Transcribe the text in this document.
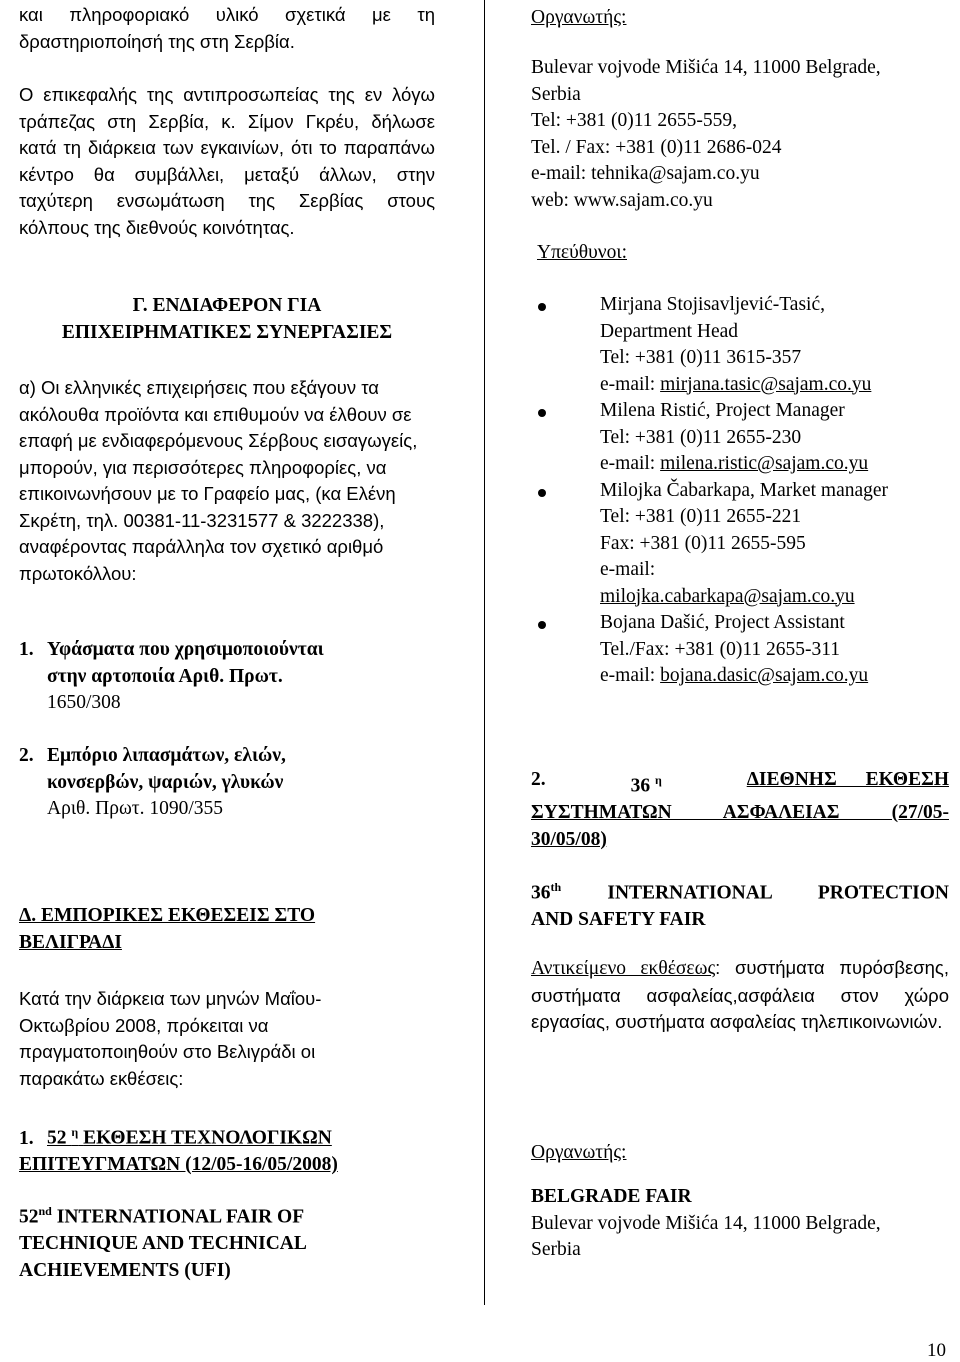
και πληροφοριακό υλικό σχετικά με τη

δραστηριοποίησή της στη Σερβία.

Ο επικεφαλής της αντιπροσωπείας της εν λόγω τράπεζας στη Σερβία, κ. Σίμον Γκρέυ, δήλωσε κατά τη διάρκεια των εγκαινίων, ότι το παραπάνω κέντρο θα συμβάλλει, μεταξύ άλλων, στην ταχύτερη ενσωμάτωση της Σερβίας στους κόλπους της διεθνούς κοινότητας.

Γ. ΕΝΔΙΑΦΕΡΟΝ ΓΙΑ

ΕΠΙΧΕΙΡΗΜΑΤΙΚΕΣ ΣΥΝΕΡΓΑΣΙΕΣ

α) Οι ελληνικές επιχειρήσεις που εξάγουν τα ακόλουθα προϊόντα και επιθυμούν να έλθουν σε επαφή με ενδιαφερόμενους Σέρβους εισαγωγείς, μπορούν, για περισσότερες πληροφορίες, να επικοινωνήσουν με το Γραφείο μας, (κα Ελένη Σκρέτη, τηλ. 00381-11-3231577 & 3222338), αναφέροντας παράλληλα τον σχετικό αριθμό πρωτοκόλλου:

1. Υφάσματα που χρησιμοποιούνται

στην αρτοποιία Αριθ. Πρωτ.

1650/308

2. Εμπόριο λιπασμάτων, ελιών,

κονσερβών, ψαριών, γλυκών

Αριθ. Πρωτ. 1090/355

Δ. ΕΜΠΟΡΙΚΕΣ ΕΚΘΕΣΕΙΣ ΣΤΟ

ΒΕΛΙΓΡΑΔΙ

Κατά την διάρκεια των μηνών Μαΐου-Οκτωβρίου 2008, πρόκειται να πραγματοποιηθούν στο Βελιγράδι οι παρακάτω εκθέσεις:

1. 52 $^\eta$ ΕΚΘΕΣΗ ΤΕΧΝΟΛΟΓΙΚΩΝ

ΕΠΙΤΕΥΓΜΑΤΩΝ (12/05-16/05/2008)

52nd INTERNATIONAL FAIR OF

TECHNIQUE AND TECHNICAL

ACHIEVEMENTS (UFI)

Οργανωτής:

Bulevar vojvode Mišića 14, 11000 Belgrade,

Serbia

Tel: +381 (0)11 2655-559,

Tel. / Fax: +381 (0)11 2686-024

e-mail: tehnika@sajam.co.yu

web: www.sajam.co.yu

Υπεύθυνοι:

Mirjana Stojisavljević-Tasić,

Department Head

Tel: +381 (0)11 3615-357

e-mail: mirjana.tasic@sajam.co.yu

Milena Ristić, Project Manager

Tel: +381 (0)11 2655-230

e-mail: milena.ristic@sajam.co.yu

Milojka Čabarkapa, Market manager

Tel: +381 (0)11 2655-221

Fax: +381 (0)11 2655-595

e-mail:

milojka.cabarkapa@sajam.co.yu

Bojana Dašić, Project Assistant

Tel./Fax: +381 (0)11 2655-311

e-mail: bojana.dasic@sajam.co.yu

2.	36 $^\eta$	ΔΙΕΘΝΗΣ ΕΚΘΕΣΗ

ΣΥΣΤΗΜΑΤΩΝ ΑΣΦΑΛΕΙΑΣ (27/05-

30/05/08)

36th INTERNATIONAL PROTECTION

AND SAFETY FAIR

Αντικείμενο εκθέσεως: συστήματα πυρόσβεσης, συστήματα ασφαλείας,ασφάλεια στον χώρο εργασίας, συστήματα ασφαλείας τηλεπικοινωνιών.

Οργανωτής:

BELGRADE FAIR

Bulevar vojvode Mišića 14, 11000 Belgrade,

Serbia

10
